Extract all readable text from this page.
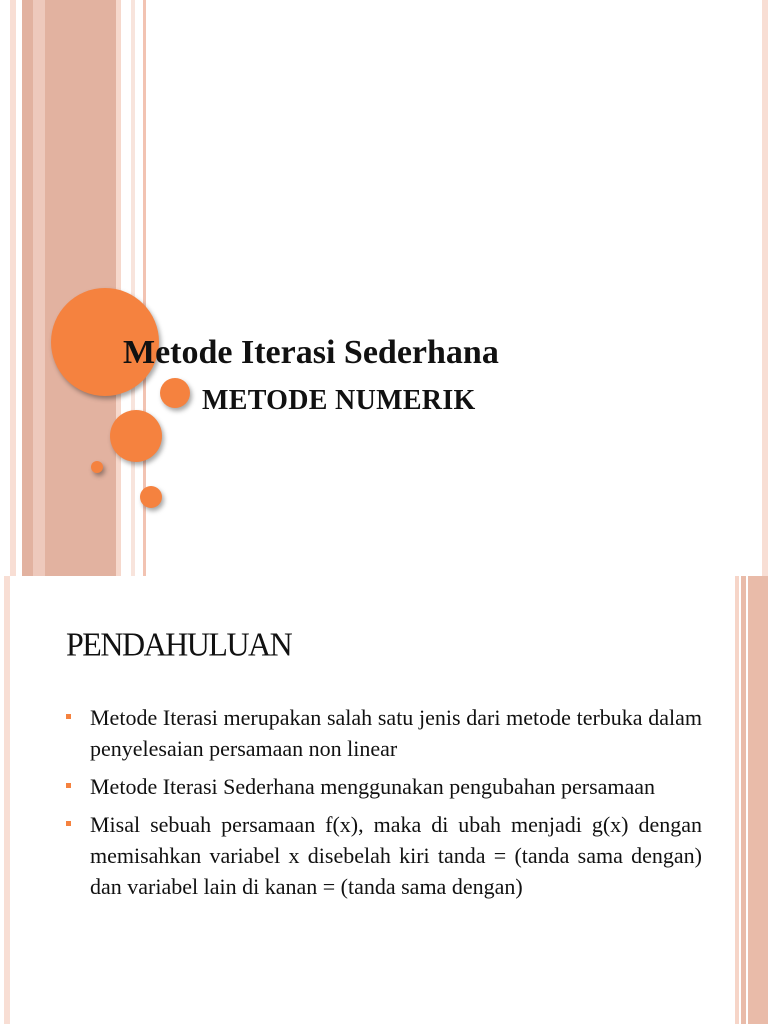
Metode Iterasi Sederhana
METODE NUMERIK
PENDAHULUAN
Metode Iterasi merupakan salah satu jenis dari metode terbuka dalam penyelesaian persamaan non linear
Metode Iterasi Sederhana menggunakan pengubahan persamaan
Misal sebuah persamaan f(x), maka di ubah menjadi g(x) dengan memisahkan variabel x disebelah kiri tanda = (tanda sama dengan) dan variabel lain di kanan = (tanda sama dengan)
